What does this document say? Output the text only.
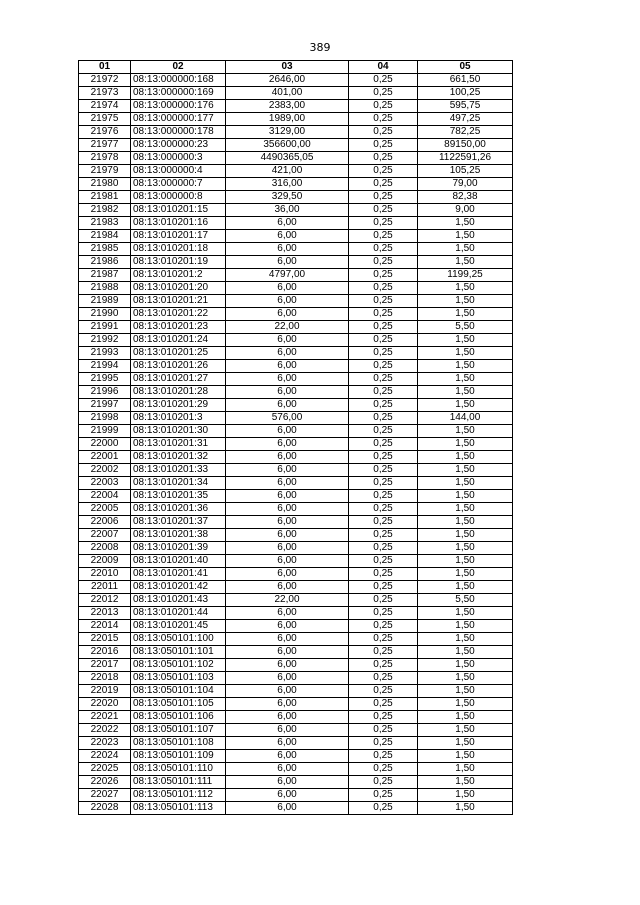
389
01	02	03	04	05
21972	08:13:000000:168	2646,00	0,25	661,50
21973	08:13:000000:169	401,00	0,25	100,25
21974	08:13:000000:176	2383,00	0,25	595,75
21975	08:13:000000:177	1989,00	0,25	497,25
21976	08:13:000000:178	3129,00	0,25	782,25
21977	08:13:000000:23	356600,00	0,25	89150,00
21978	08:13:000000:3	4490365,05	0,25	1122591,26
21979	08:13:000000:4	421,00	0,25	105,25
21980	08:13:000000:7	316,00	0,25	79,00
21981	08:13:000000:8	329,50	0,25	82,38
21982	08:13:010201:15	36,00	0,25	9,00
21983	08:13:010201:16	6,00	0,25	1,50
21984	08:13:010201:17	6,00	0,25	1,50
21985	08:13:010201:18	6,00	0,25	1,50
21986	08:13:010201:19	6,00	0,25	1,50
21987	08:13:010201:2	4797,00	0,25	1199,25
21988	08:13:010201:20	6,00	0,25	1,50
21989	08:13:010201:21	6,00	0,25	1,50
21990	08:13:010201:22	6,00	0,25	1,50
21991	08:13:010201:23	22,00	0,25	5,50
21992	08:13:010201:24	6,00	0,25	1,50
21993	08:13:010201:25	6,00	0,25	1,50
21994	08:13:010201:26	6,00	0,25	1,50
21995	08:13:010201:27	6,00	0,25	1,50
21996	08:13:010201:28	6,00	0,25	1,50
21997	08:13:010201:29	6,00	0,25	1,50
21998	08:13:010201:3	576,00	0,25	144,00
21999	08:13:010201:30	6,00	0,25	1,50
22000	08:13:010201:31	6,00	0,25	1,50
22001	08:13:010201:32	6,00	0,25	1,50
22002	08:13:010201:33	6,00	0,25	1,50
22003	08:13:010201:34	6,00	0,25	1,50
22004	08:13:010201:35	6,00	0,25	1,50
22005	08:13:010201:36	6,00	0,25	1,50
22006	08:13:010201:37	6,00	0,25	1,50
22007	08:13:010201:38	6,00	0,25	1,50
22008	08:13:010201:39	6,00	0,25	1,50
22009	08:13:010201:40	6,00	0,25	1,50
22010	08:13:010201:41	6,00	0,25	1,50
22011	08:13:010201:42	6,00	0,25	1,50
22012	08:13:010201:43	22,00	0,25	5,50
22013	08:13:010201:44	6,00	0,25	1,50
22014	08:13:010201:45	6,00	0,25	1,50
22015	08:13:050101:100	6,00	0,25	1,50
22016	08:13:050101:101	6,00	0,25	1,50
22017	08:13:050101:102	6,00	0,25	1,50
22018	08:13:050101:103	6,00	0,25	1,50
22019	08:13:050101:104	6,00	0,25	1,50
22020	08:13:050101:105	6,00	0,25	1,50
22021	08:13:050101:106	6,00	0,25	1,50
22022	08:13:050101:107	6,00	0,25	1,50
22023	08:13:050101:108	6,00	0,25	1,50
22024	08:13:050101:109	6,00	0,25	1,50
22025	08:13:050101:110	6,00	0,25	1,50
22026	08:13:050101:111	6,00	0,25	1,50
22027	08:13:050101:112	6,00	0,25	1,50
22028	08:13:050101:113	6,00	0,25	1,50
